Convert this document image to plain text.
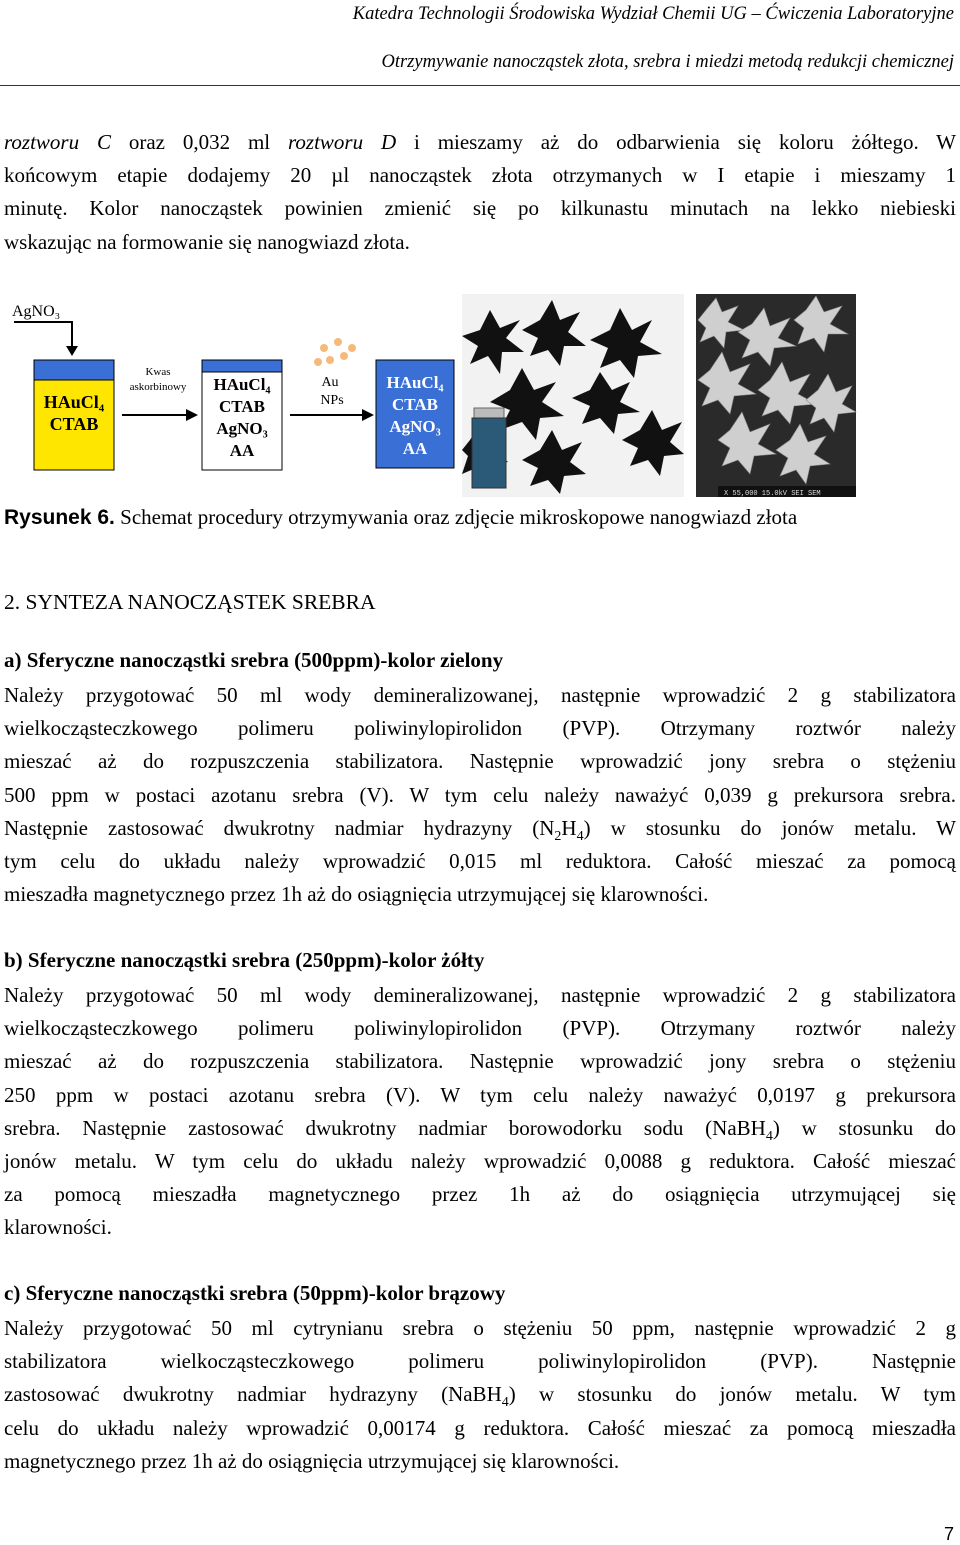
Katedra Technologii Środowiska Wydział Chemii UG – Ćwiczenia Laboratoryjne
Otrzymywanie nanocząstek złota, srebra i miedzi metodą redukcji chemicznej
roztworu C oraz 0,032 ml roztworu D i mieszamy aż do odbarwienia się koloru żółtego. W
końcowym etapie dodajemy 20 µl nanocząstek złota otrzymanych w I etapie i mieszamy 1
minutę. Kolor nanocząstek powinien zmienić się po kilkunastu minutach na lekko niebieski
wskazując na formowanie się nanogwiazd złota.
AgNO₃
HAuCl₄
CTAB
Kwas
askorbinowy HAuCl₄
CTAB
AgNO₃
AA
Au
NPs
HAuCl₄
CTAB
AgNO₃
AA
X 55,000 15.0kV SEI SEM
Rysunek 6. Schemat procedury otrzymywania oraz zdjęcie mikroskopowe nanogwiazd złota
2. SYNTEZA NANOCZĄSTEK SREBRA
a) Sferyczne nanocząstki srebra (500ppm)-kolor zielony
Należy przygotować 50 ml wody demineralizowanej, następnie wprowadzić 2 g stabilizatora
wielkocząsteczkowego polimeru poliwinylopirolidon (PVP). Otrzymany roztwór należy
mieszać aż do rozpuszczenia stabilizatora. Następnie wprowadzić jony srebra o stężeniu
500 ppm w postaci azotanu srebra (V). W tym celu należy naważyć 0,039 g prekursora srebra.
Następnie zastosować dwukrotny nadmiar hydrazyny $(N_2H_4)$ w stosunku do jonów metalu. W
tym celu do układu należy wprowadzić 0,015 ml reduktora. Całość mieszać za pomocą
mieszadła magnetycznego przez 1h aż do osiągnięcia utrzymującej się klarowności.
b) Sferyczne nanocząstki srebra (250ppm)-kolor żółty
Należy przygotować 50 ml wody demineralizowanej, następnie wprowadzić 2 g stabilizatora
wielkocząsteczkowego polimeru poliwinylopirolidon (PVP). Otrzymany roztwór należy
mieszać aż do rozpuszczenia stabilizatora. Następnie wprowadzić jony srebra o stężeniu
250 ppm w postaci azotanu srebra (V). W tym celu należy naważyć 0,0197 g prekursora
srebra. Następnie zastosować dwukrotny nadmiar borowodorku sodu (NaBH$_4$) w stosunku do
jonów metalu. W tym celu do układu należy wprowadzić 0,0088 g reduktora. Całość mieszać
za pomocą mieszadła magnetycznego przez 1h aż do osiągnięcia utrzymującej się
klarowności.
c) Sferyczne nanocząstki srebra (50ppm)-kolor brązowy
Należy przygotować 50 ml cytrynianu srebra o stężeniu 50 ppm, następnie wprowadzić 2 g
stabilizatora wielkocząsteczkowego polimeru poliwinylopirolidon (PVP). Następnie
zastosować dwukrotny nadmiar hydrazyny (NaBH$_4$) w stosunku do jonów metalu. W tym
celu do układu należy wprowadzić 0,00174 g reduktora. Całość mieszać za pomocą mieszadła
magnetycznego przez 1h aż do osiągnięcia utrzymującej się klarowności.
7
